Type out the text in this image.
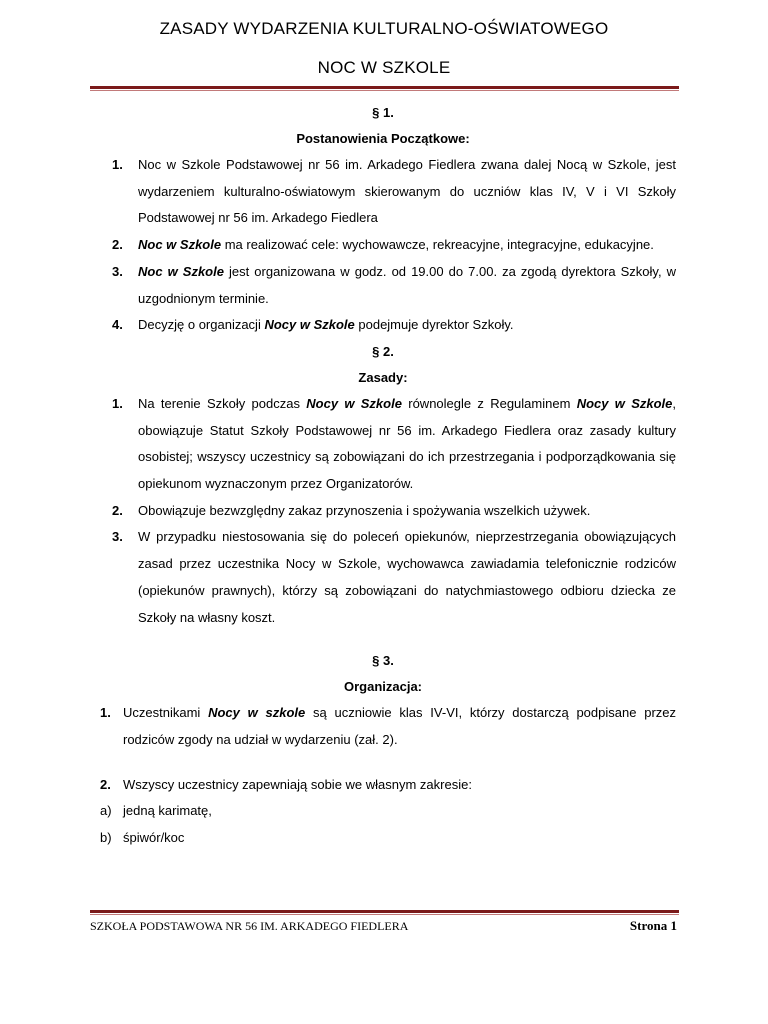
ZASADY WYDARZENIA KULTURALNO-OŚWIATOWEGO
NOC W SZKOLE
§ 1.
Postanowienia Początkowe:
1. Noc w Szkole Podstawowej nr 56 im. Arkadego Fiedlera zwana dalej Nocą w Szkole, jest wydarzeniem kulturalno-oświatowym skierowanym do uczniów klas IV, V i VI Szkoły Podstawowej nr 56 im. Arkadego Fiedlera
2. Noc w Szkole ma realizować cele: wychowawcze, rekreacyjne, integracyjne, edukacyjne.
3. Noc w Szkole jest organizowana w godz. od 19.00 do 7.00. za zgodą dyrektora Szkoły, w uzgodnionym terminie.
4. Decyzję o organizacji Nocy w Szkole podejmuje dyrektor Szkoły.
§ 2.
Zasady:
1. Na terenie Szkoły podczas Nocy w Szkole równolegle z Regulaminem Nocy w Szkole, obowiązuje Statut Szkoły Podstawowej nr 56 im. Arkadego Fiedlera oraz zasady kultury osobistej; wszyscy uczestnicy są zobowiązani do ich przestrzegania i podporządkowania się opiekunom wyznaczonym przez Organizatorów.
2. Obowiązuje bezwzględny zakaz przynoszenia i spożywania wszelkich używek.
3. W przypadku niestosowania się do poleceń opiekunów, nieprzestrzegania obowiązujących zasad przez uczestnika Nocy w Szkole, wychowawca zawiadamia telefonicznie rodziców (opiekunów prawnych), którzy są zobowiązani do natychmiastowego odbioru dziecka ze Szkoły na własny koszt.
§ 3.
Organizacja:
1. Uczestnikami Nocy w szkole są uczniowie klas IV-VI, którzy dostarczą podpisane przez rodziców zgody na udział w wydarzeniu (zał. 2).
2. Wszyscy uczestnicy zapewniają sobie we własnym zakresie:
a) jedną karimatę,
b) śpiwór/koc
SZKOŁA PODSTAWOWA NR 56 IM. ARKADEGO FIEDLERA	Strona 1
